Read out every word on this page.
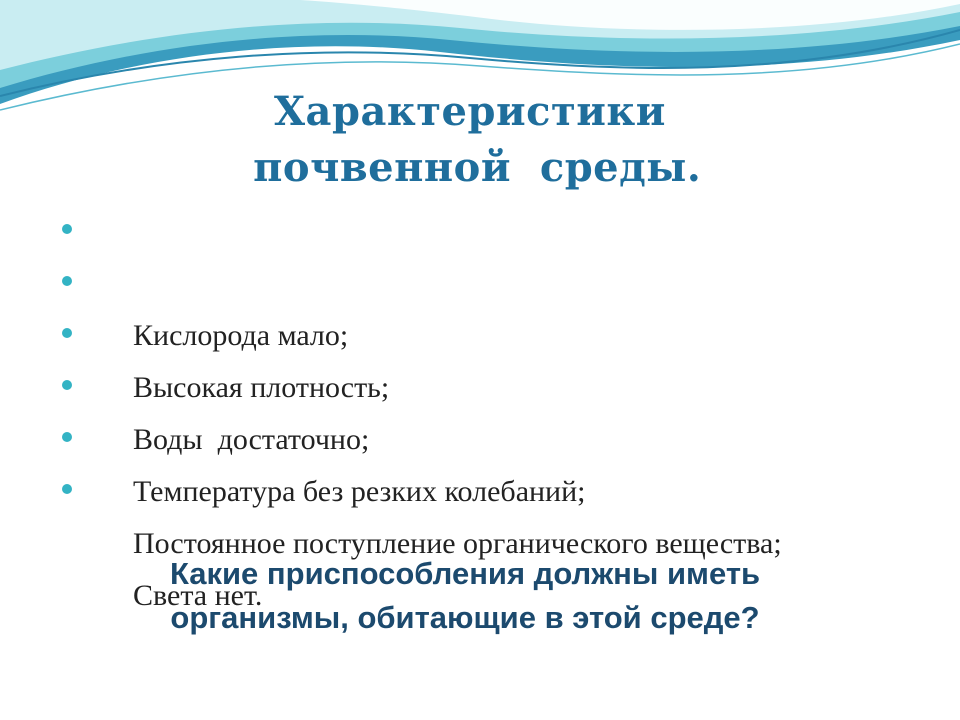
Характеристики
почвенной  среды.

Кислорода мало;

Высокая плотность;

Воды  достаточно;

Температура без резких колебаний;

Постоянное поступление органического вещества;

Света нет.

Какие приспособления должны иметь
организмы, обитающие в этой среде?
